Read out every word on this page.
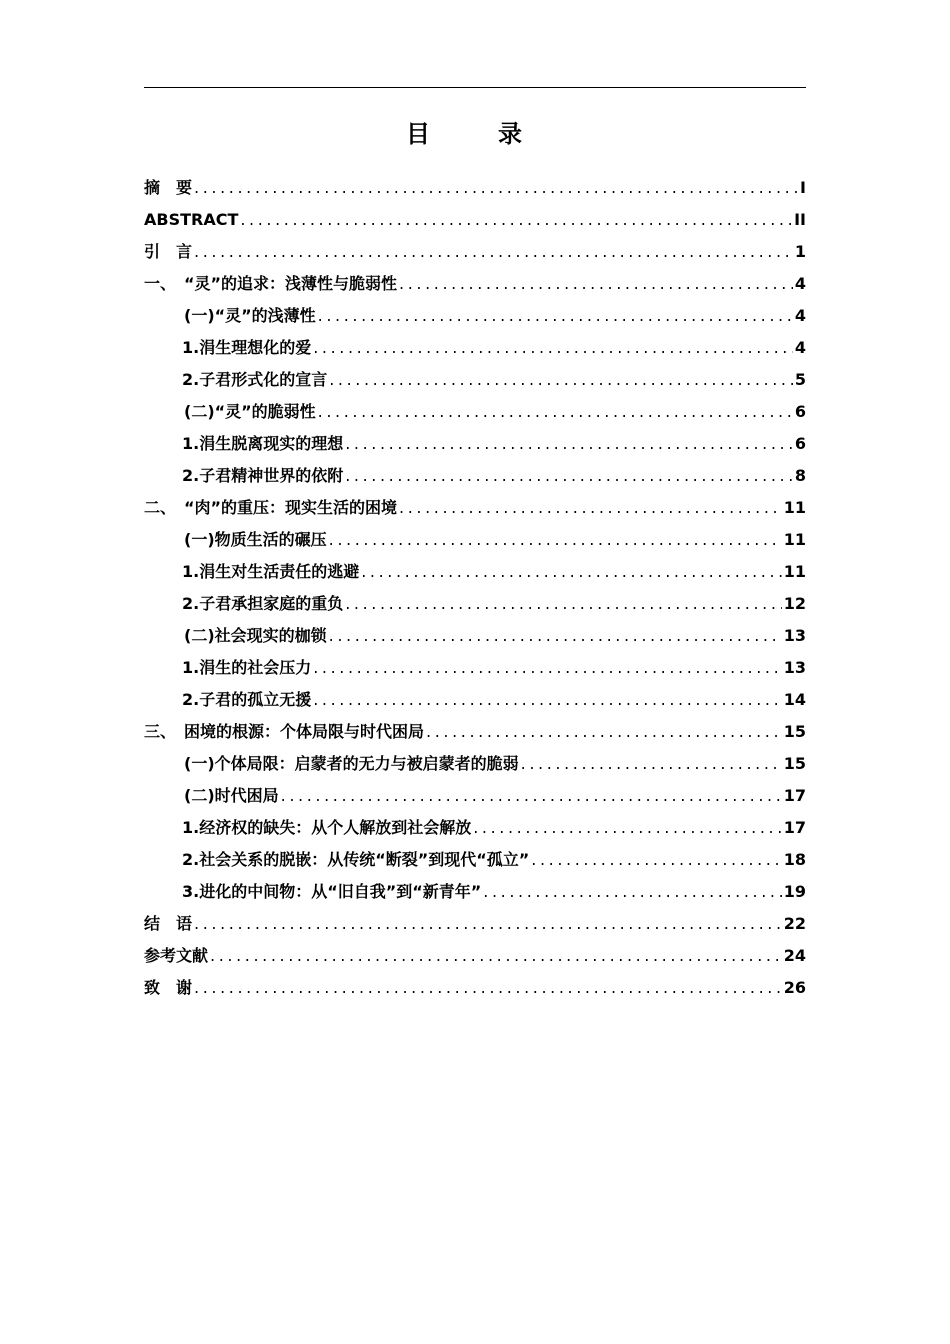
目　录
摘　要 .....	I
ABSTRACT .....	II
引　言 .....	1
一、　“灵”的追求：浅薄性与脆弱性 .....	4
(一)“灵”的浅薄性 .....	4
1.涓生理想化的爱 .....	4
2.子君形式化的宣言 .....	5
(二)“灵”的脆弱性 .....	6
1.涓生脱离现实的理想 .....	6
2.子君精神世界的依附 .....	8
二、　“肉”的重压：现实生活的困境 .....	11
(一)物质生活的碾压 .....	11
1.涓生对生活责任的逃避 .....	11
2.子君承担家庭的重负 .....	12
(二)社会现实的枷锁 .....	13
1.涓生的社会压力 .....	13
2.子君的孤立无援 .....	14
三、　困境的根源：个体局限与时代困局 .....	15
(一)个体局限：启蒙者的无力与被启蒙者的脆弱 .....	15
(二)时代困局 .....	17
1.经济权的缺失：从个人解放到社会解放 .....	17
2.社会关系的脱嵌：从传统“断裂”到现代“孤立” .....	18
3.进化的中间物：从“旧自我”到“新青年” .....	19
结　语 .....	22
参考文献 .....	24
致　谢 .....	26
